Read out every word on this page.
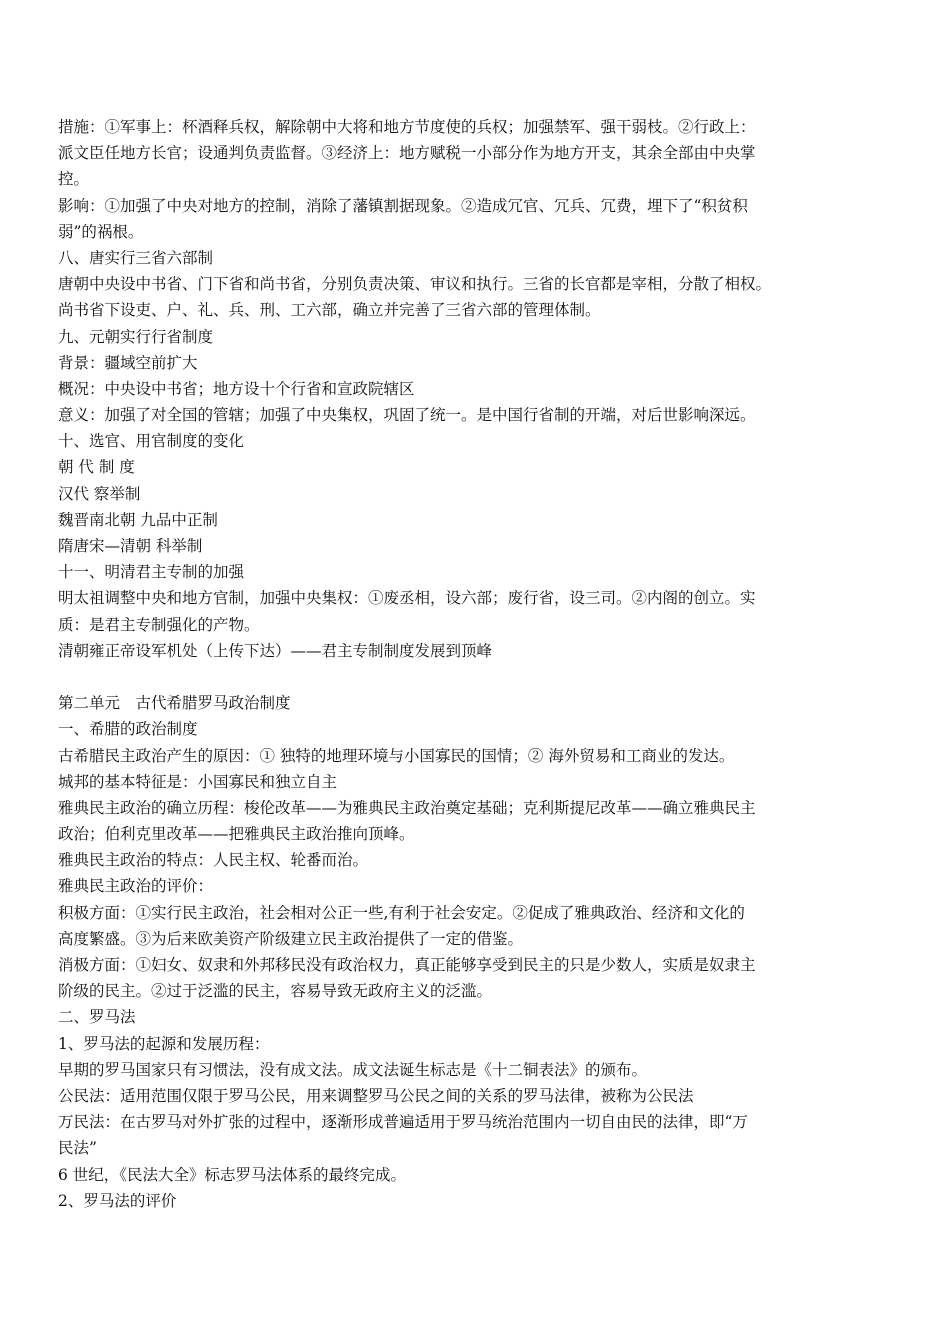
措施：①军事上：杯酒释兵权，解除朝中大将和地方节度使的兵权；加强禁军、强干弱枝。②行政上：
派文臣任地方长官；设通判负责监督。③经济上：地方赋税一小部分作为地方开支，其余全部由中央掌
控。
影响：①加强了中央对地方的控制，消除了藩镇割据现象。②造成冗官、冗兵、冗费，埋下了“积贫积
弱”的祸根。
八、唐实行三省六部制
唐朝中央设中书省、门下省和尚书省，分别负责决策、审议和执行。三省的长官都是宰相，分散了相权。
尚书省下设吏、户、礼、兵、刑、工六部，确立并完善了三省六部的管理体制。
九、元朝实行行省制度
背景：疆域空前扩大
概况：中央设中书省；地方设十个行省和宣政院辖区
意义：加强了对全国的管辖；加强了中央集权，巩固了统一。是中国行省制的开端，对后世影响深远。
十、选官、用官制度的变化
朝 代 制 度
汉代 察举制
魏晋南北朝 九品中正制
隋唐宋—清朝 科举制
十一、明清君主专制的加强
明太祖调整中央和地方官制，加强中央集权：①废丞相，设六部；废行省，设三司。②内阁的创立。实
质：是君主专制强化的产物。
清朝雍正帝设军机处（上传下达）——君主专制制度发展到顶峰
第二单元　古代希腊罗马政治制度
一、希腊的政治制度
古希腊民主政治产生的原因：① 独特的地理环境与小国寡民的国情；② 海外贸易和工商业的发达。
城邦的基本特征是：小国寡民和独立自主
雅典民主政治的确立历程：梭伦改革——为雅典民主政治奠定基础；克利斯提尼改革——确立雅典民主
政治；伯利克里改革——把雅典民主政治推向顶峰。
雅典民主政治的特点：人民主权、轮番而治。
雅典民主政治的评价：
积极方面：①实行民主政治，社会相对公正一些,有利于社会安定。②促成了雅典政治、经济和文化的
高度繁盛。③为后来欧美资产阶级建立民主政治提供了一定的借鉴。
消极方面：①妇女、奴隶和外邦移民没有政治权力，真正能够享受到民主的只是少数人，实质是奴隶主
阶级的民主。②过于泛滥的民主，容易导致无政府主义的泛滥。
二、罗马法
1、罗马法的起源和发展历程：
早期的罗马国家只有习惯法，没有成文法。成文法诞生标志是《十二铜表法》的颁布。
公民法：适用范围仅限于罗马公民，用来调整罗马公民之间的关系的罗马法律，被称为公民法
万民法：在古罗马对外扩张的过程中，逐渐形成普遍适用于罗马统治范围内一切自由民的法律，即“万
民法”
6 世纪，《民法大全》标志罗马法体系的最终完成。
2、罗马法的评价
